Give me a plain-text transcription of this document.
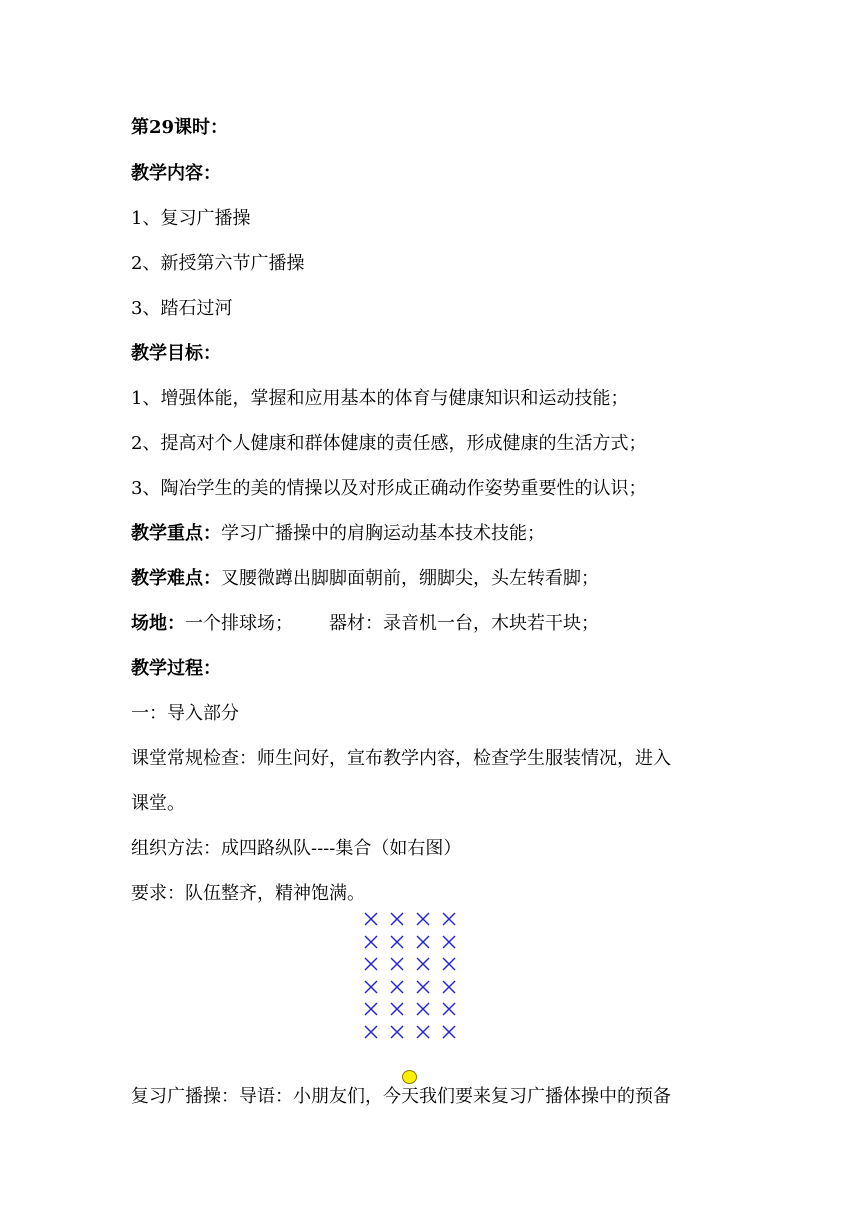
第29课时：
教学内容：
1、复习广播操
2、新授第六节广播操
3、踏石过河
教学目标：
1、增强体能，掌握和应用基本的体育与健康知识和运动技能；
2、提高对个人健康和群体健康的责任感，形成健康的生活方式；
3、陶冶学生的美的情操以及对形成正确动作姿势重要性的认识；
教学重点：学习广播操中的肩胸运动基本技术技能；
教学难点：叉腰微蹲出脚脚面朝前，绷脚尖，头左转看脚；
场地：一个排球场； 器材：录音机一台，木块若干块；
教学过程：
一：导入部分
课堂常规检查：师生问好，宣布教学内容，检查学生服装情况，进入
课堂。
组织方法：成四路纵队----集合（如右图）
要求：队伍整齐，精神饱满。
复习广播操：导语：小朋友们，今天我们要来复习广播体操中的预备
